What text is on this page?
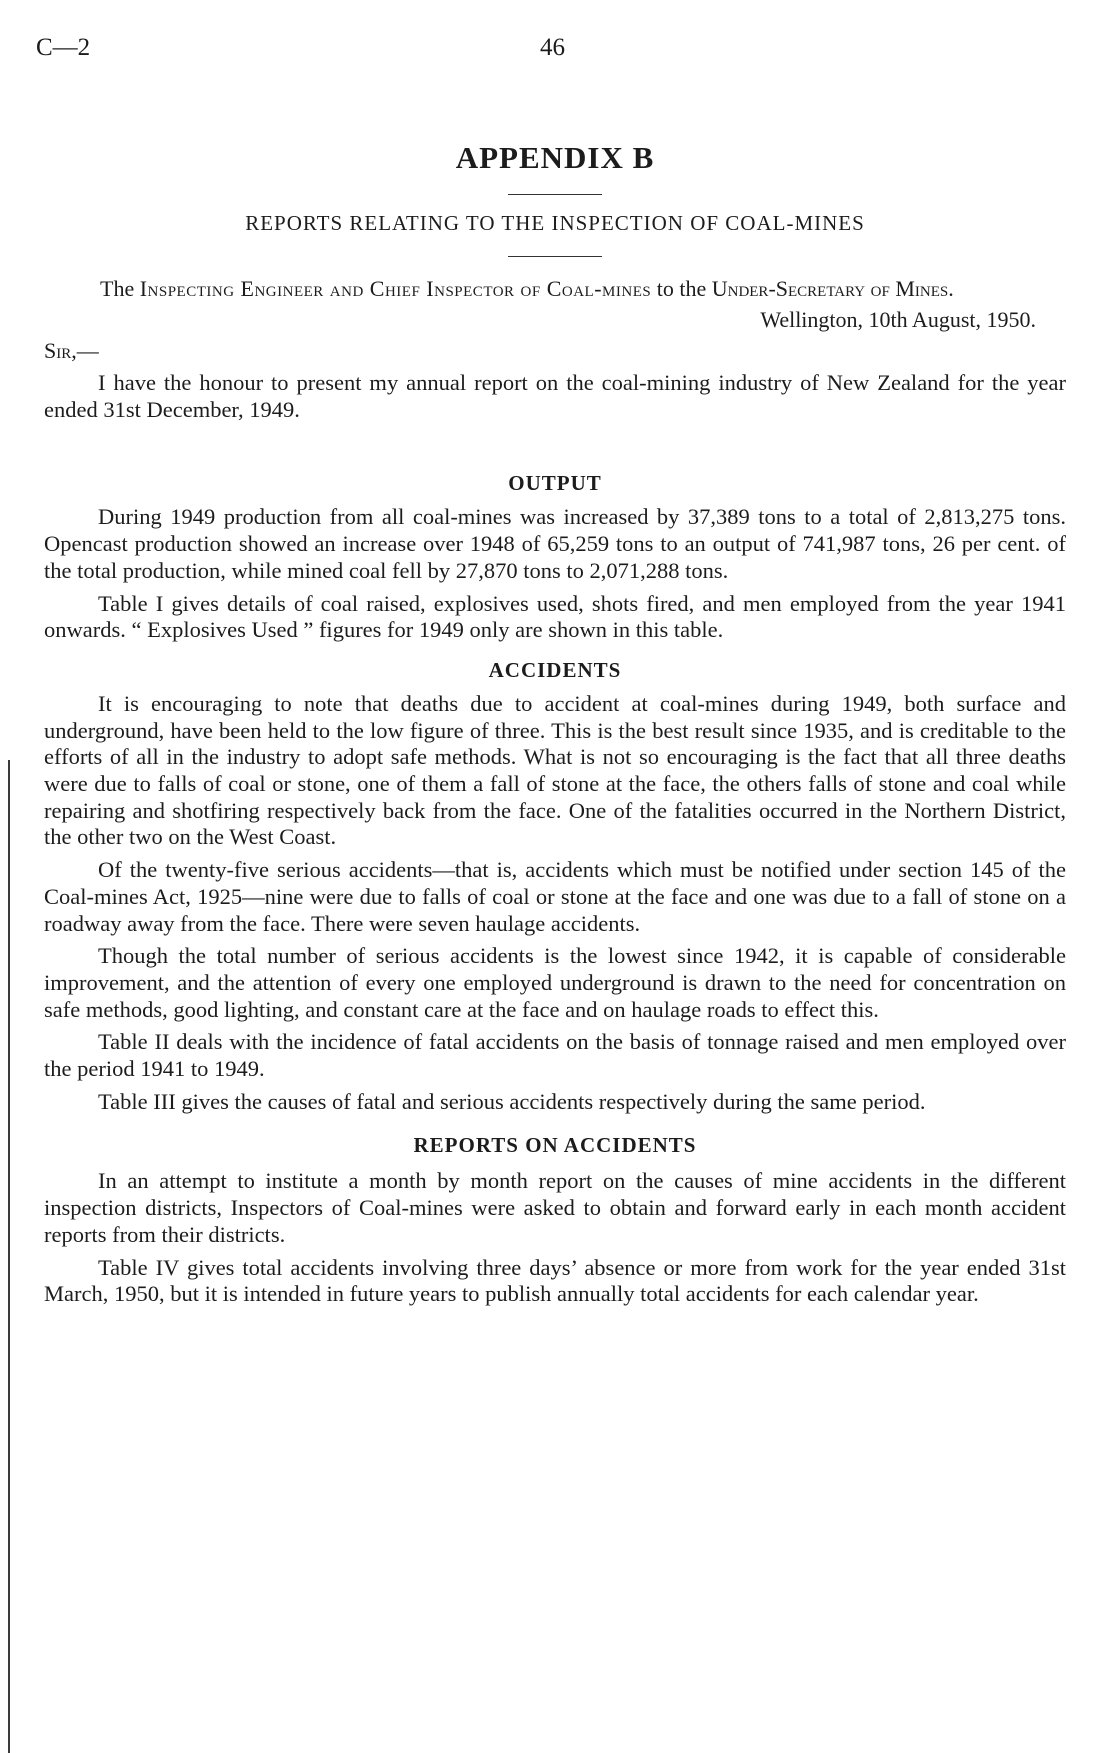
C—2	46
APPENDIX B
REPORTS RELATING TO THE INSPECTION OF COAL-MINES
The Inspecting Engineer and Chief Inspector of Coal-mines to the Under-Secretary of Mines.
Wellington, 10th August, 1950.
Sir,—

I have the honour to present my annual report on the coal-mining industry of New Zealand for the year ended 31st December, 1949.

OUTPUT

During 1949 production from all coal-mines was increased by 37,389 tons to a total of 2,813,275 tons. Opencast production showed an increase over 1948 of 65,259 tons to an output of 741,987 tons, 26 per cent. of the total production, while mined coal fell by 27,870 tons to 2,071,288 tons.

Table I gives details of coal raised, explosives used, shots fired, and men employed from the year 1941 onwards. “ Explosives Used ” figures for 1949 only are shown in this table.

ACCIDENTS

It is encouraging to note that deaths due to accident at coal-mines during 1949, both surface and underground, have been held to the low figure of three. This is the best result since 1935, and is creditable to the efforts of all in the industry to adopt safe methods. What is not so encouraging is the fact that all three deaths were due to falls of coal or stone, one of them a fall of stone at the face, the others falls of stone and coal while repairing and shotfiring respectively back from the face. One of the fatalities occurred in the Northern District, the other two on the West Coast.

Of the twenty-five serious accidents—that is, accidents which must be notified under section 145 of the Coal-mines Act, 1925—nine were due to falls of coal or stone at the face and one was due to a fall of stone on a roadway away from the face. There were seven haulage accidents.

Though the total number of serious accidents is the lowest since 1942, it is capable of considerable improvement, and the attention of every one employed underground is drawn to the need for concentration on safe methods, good lighting, and constant care at the face and on haulage roads to effect this.

Table II deals with the incidence of fatal accidents on the basis of tonnage raised and men employed over the period 1941 to 1949.

Table III gives the causes of fatal and serious accidents respectively during the same period.

REPORTS ON ACCIDENTS

In an attempt to institute a month by month report on the causes of mine accidents in the different inspection districts, Inspectors of Coal-mines were asked to obtain and forward early in each month accident reports from their districts.

Table IV gives total accidents involving three days’ absence or more from work for the year ended 31st March, 1950, but it is intended in future years to publish annually total accidents for each calendar year.
